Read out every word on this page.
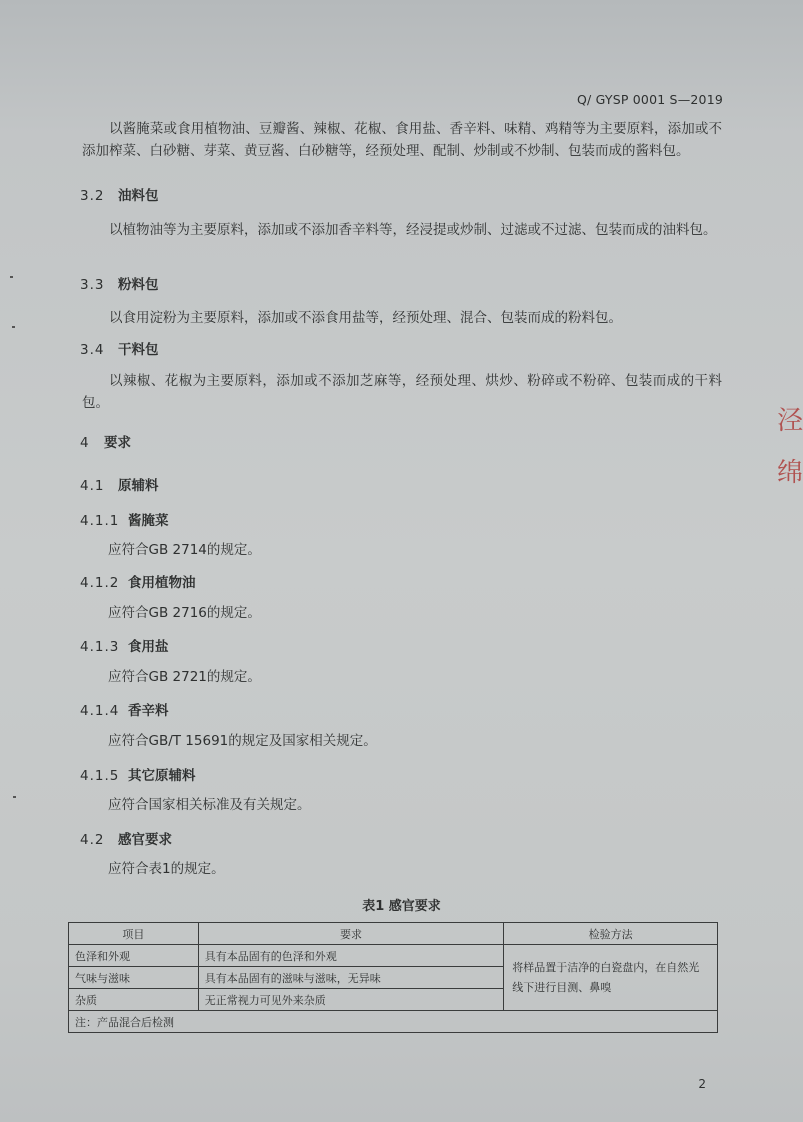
Q/ GYSP 0001 S—2019
以酱腌菜或食用植物油、豆瓣酱、辣椒、花椒、食用盐、香辛料、味精、鸡精等为主要原料，添加或不添加榨菜、白砂糖、芽菜、黄豆酱、白砂糖等，经预处理、配制、炒制或不炒制、包装而成的酱料包。
3.2 油料包
以植物油等为主要原料，添加或不添加香辛料等，经浸提或炒制、过滤或不过滤、包装而成的油料包。
3.3 粉料包
以食用淀粉为主要原料，添加或不添食用盐等，经预处理、混合、包装而成的粉料包。
3.4 干料包
以辣椒、花椒为主要原料，添加或不添加芝麻等，经预处理、烘炒、粉碎或不粉碎、包装而成的干料包。
4 要求
4.1 原辅料
4.1.1 酱腌菜
应符合GB 2714的规定。
4.1.2 食用植物油
应符合GB 2716的规定。
4.1.3 食用盐
应符合GB 2721的规定。
4.1.4 香辛料
应符合GB/T 15691的规定及国家相关规定。
4.1.5 其它原辅料
应符合国家相关标准及有关规定。
4.2 感官要求
应符合表1的规定。
表1 感官要求
项目	要求	检验方法
色泽和外观	具有本品固有的色泽和外观	将样品置于洁净的白瓷盘内，在自然光线下进行目测、鼻嗅
气味与滋味	具有本品固有的滋味与滋味，无异味	
杂质	无正常视力可见外来杂质	
注：产品混合后检测		
2
泾 绵
